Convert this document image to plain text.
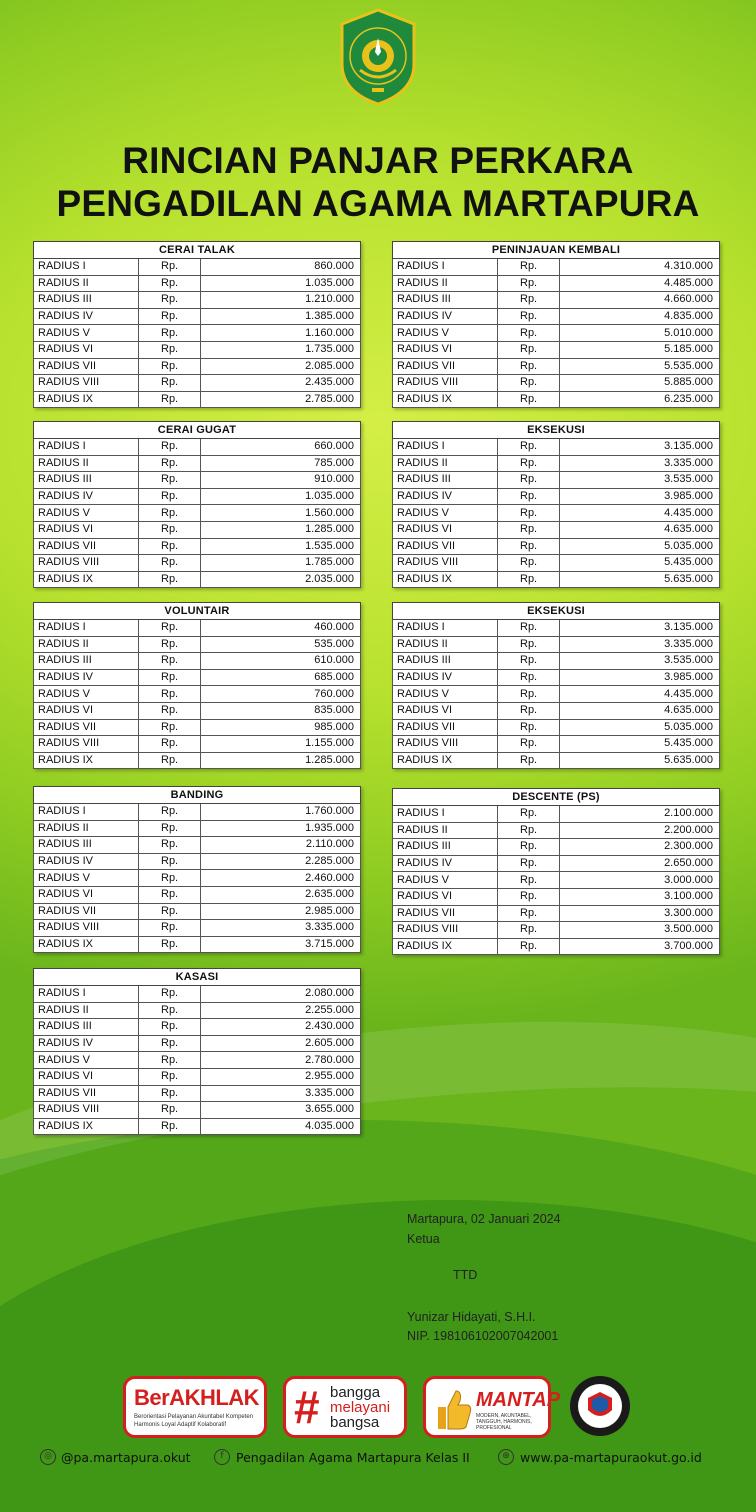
RINCIAN PANJAR PERKARA
PENGADILAN AGAMA MARTAPURA
CERAI TALAK		
RADIUS I	Rp.	860.000
RADIUS II	Rp.	1.035.000
RADIUS III	Rp.	1.210.000
RADIUS IV	Rp.	1.385.000
RADIUS V	Rp.	1.160.000
RADIUS VI	Rp.	1.735.000
RADIUS VII	Rp.	2.085.000
RADIUS VIII	Rp.	2.435.000
RADIUS IX	Rp.	2.785.000
PENINJAUAN KEMBALI		
RADIUS I	Rp.	4.310.000
RADIUS II	Rp.	4.485.000
RADIUS III	Rp.	4.660.000
RADIUS IV	Rp.	4.835.000
RADIUS V	Rp.	5.010.000
RADIUS VI	Rp.	5.185.000
RADIUS VII	Rp.	5.535.000
RADIUS VIII	Rp.	5.885.000
RADIUS IX	Rp.	6.235.000
CERAI GUGAT		
RADIUS I	Rp.	660.000
RADIUS II	Rp.	785.000
RADIUS III	Rp.	910.000
RADIUS IV	Rp.	1.035.000
RADIUS V	Rp.	1.560.000
RADIUS VI	Rp.	1.285.000
RADIUS VII	Rp.	1.535.000
RADIUS VIII	Rp.	1.785.000
RADIUS IX	Rp.	2.035.000
EKSEKUSI		
RADIUS I	Rp.	3.135.000
RADIUS II	Rp.	3.335.000
RADIUS III	Rp.	3.535.000
RADIUS IV	Rp.	3.985.000
RADIUS V	Rp.	4.435.000
RADIUS VI	Rp.	4.635.000
RADIUS VII	Rp.	5.035.000
RADIUS VIII	Rp.	5.435.000
RADIUS IX	Rp.	5.635.000
VOLUNTAIR		
RADIUS I	Rp.	460.000
RADIUS II	Rp.	535.000
RADIUS III	Rp.	610.000
RADIUS IV	Rp.	685.000
RADIUS V	Rp.	760.000
RADIUS VI	Rp.	835.000
RADIUS VII	Rp.	985.000
RADIUS VIII	Rp.	1.155.000
RADIUS IX	Rp.	1.285.000
EKSEKUSI		
RADIUS I	Rp.	3.135.000
RADIUS II	Rp.	3.335.000
RADIUS III	Rp.	3.535.000
RADIUS IV	Rp.	3.985.000
RADIUS V	Rp.	4.435.000
RADIUS VI	Rp.	4.635.000
RADIUS VII	Rp.	5.035.000
RADIUS VIII	Rp.	5.435.000
RADIUS IX	Rp.	5.635.000
BANDING		
RADIUS I	Rp.	1.760.000
RADIUS II	Rp.	1.935.000
RADIUS III	Rp.	2.110.000
RADIUS IV	Rp.	2.285.000
RADIUS V	Rp.	2.460.000
RADIUS VI	Rp.	2.635.000
RADIUS VII	Rp.	2.985.000
RADIUS VIII	Rp.	3.335.000
RADIUS IX	Rp.	3.715.000
DESCENTE (PS)		
RADIUS I	Rp.	2.100.000
RADIUS II	Rp.	2.200.000
RADIUS III	Rp.	2.300.000
RADIUS IV	Rp.	2.650.000
RADIUS V	Rp.	3.000.000
RADIUS VI	Rp.	3.100.000
RADIUS VII	Rp.	3.300.000
RADIUS VIII	Rp.	3.500.000
RADIUS IX	Rp.	3.700.000
KASASI		
RADIUS I	Rp.	2.080.000
RADIUS II	Rp.	2.255.000
RADIUS III	Rp.	2.430.000
RADIUS IV	Rp.	2.605.000
RADIUS V	Rp.	2.780.000
RADIUS VI	Rp.	2.955.000
RADIUS VII	Rp.	3.335.000
RADIUS VIII	Rp.	3.655.000
RADIUS IX	Rp.	4.035.000
Martapura, 02 Januari 2024
Ketua
TTD
Yunizar Hidayati, S.H.I.
NIP. 198106102007042001
BerAKHLAK
Berorientasi Pelayanan Akuntabel Kompeten Harmonis Loyal Adaptif Kolaboratif	# bangga
melayani
bangsa
MANTAP
MODERN, AKUNTABEL, TANGGUH, HARMONIS, PROFESIONAL
◎ @pa.martapura.okut	f Pengadilan Agama Martapura Kelas II	⊕ www.pa-martapuraokut.go.id
